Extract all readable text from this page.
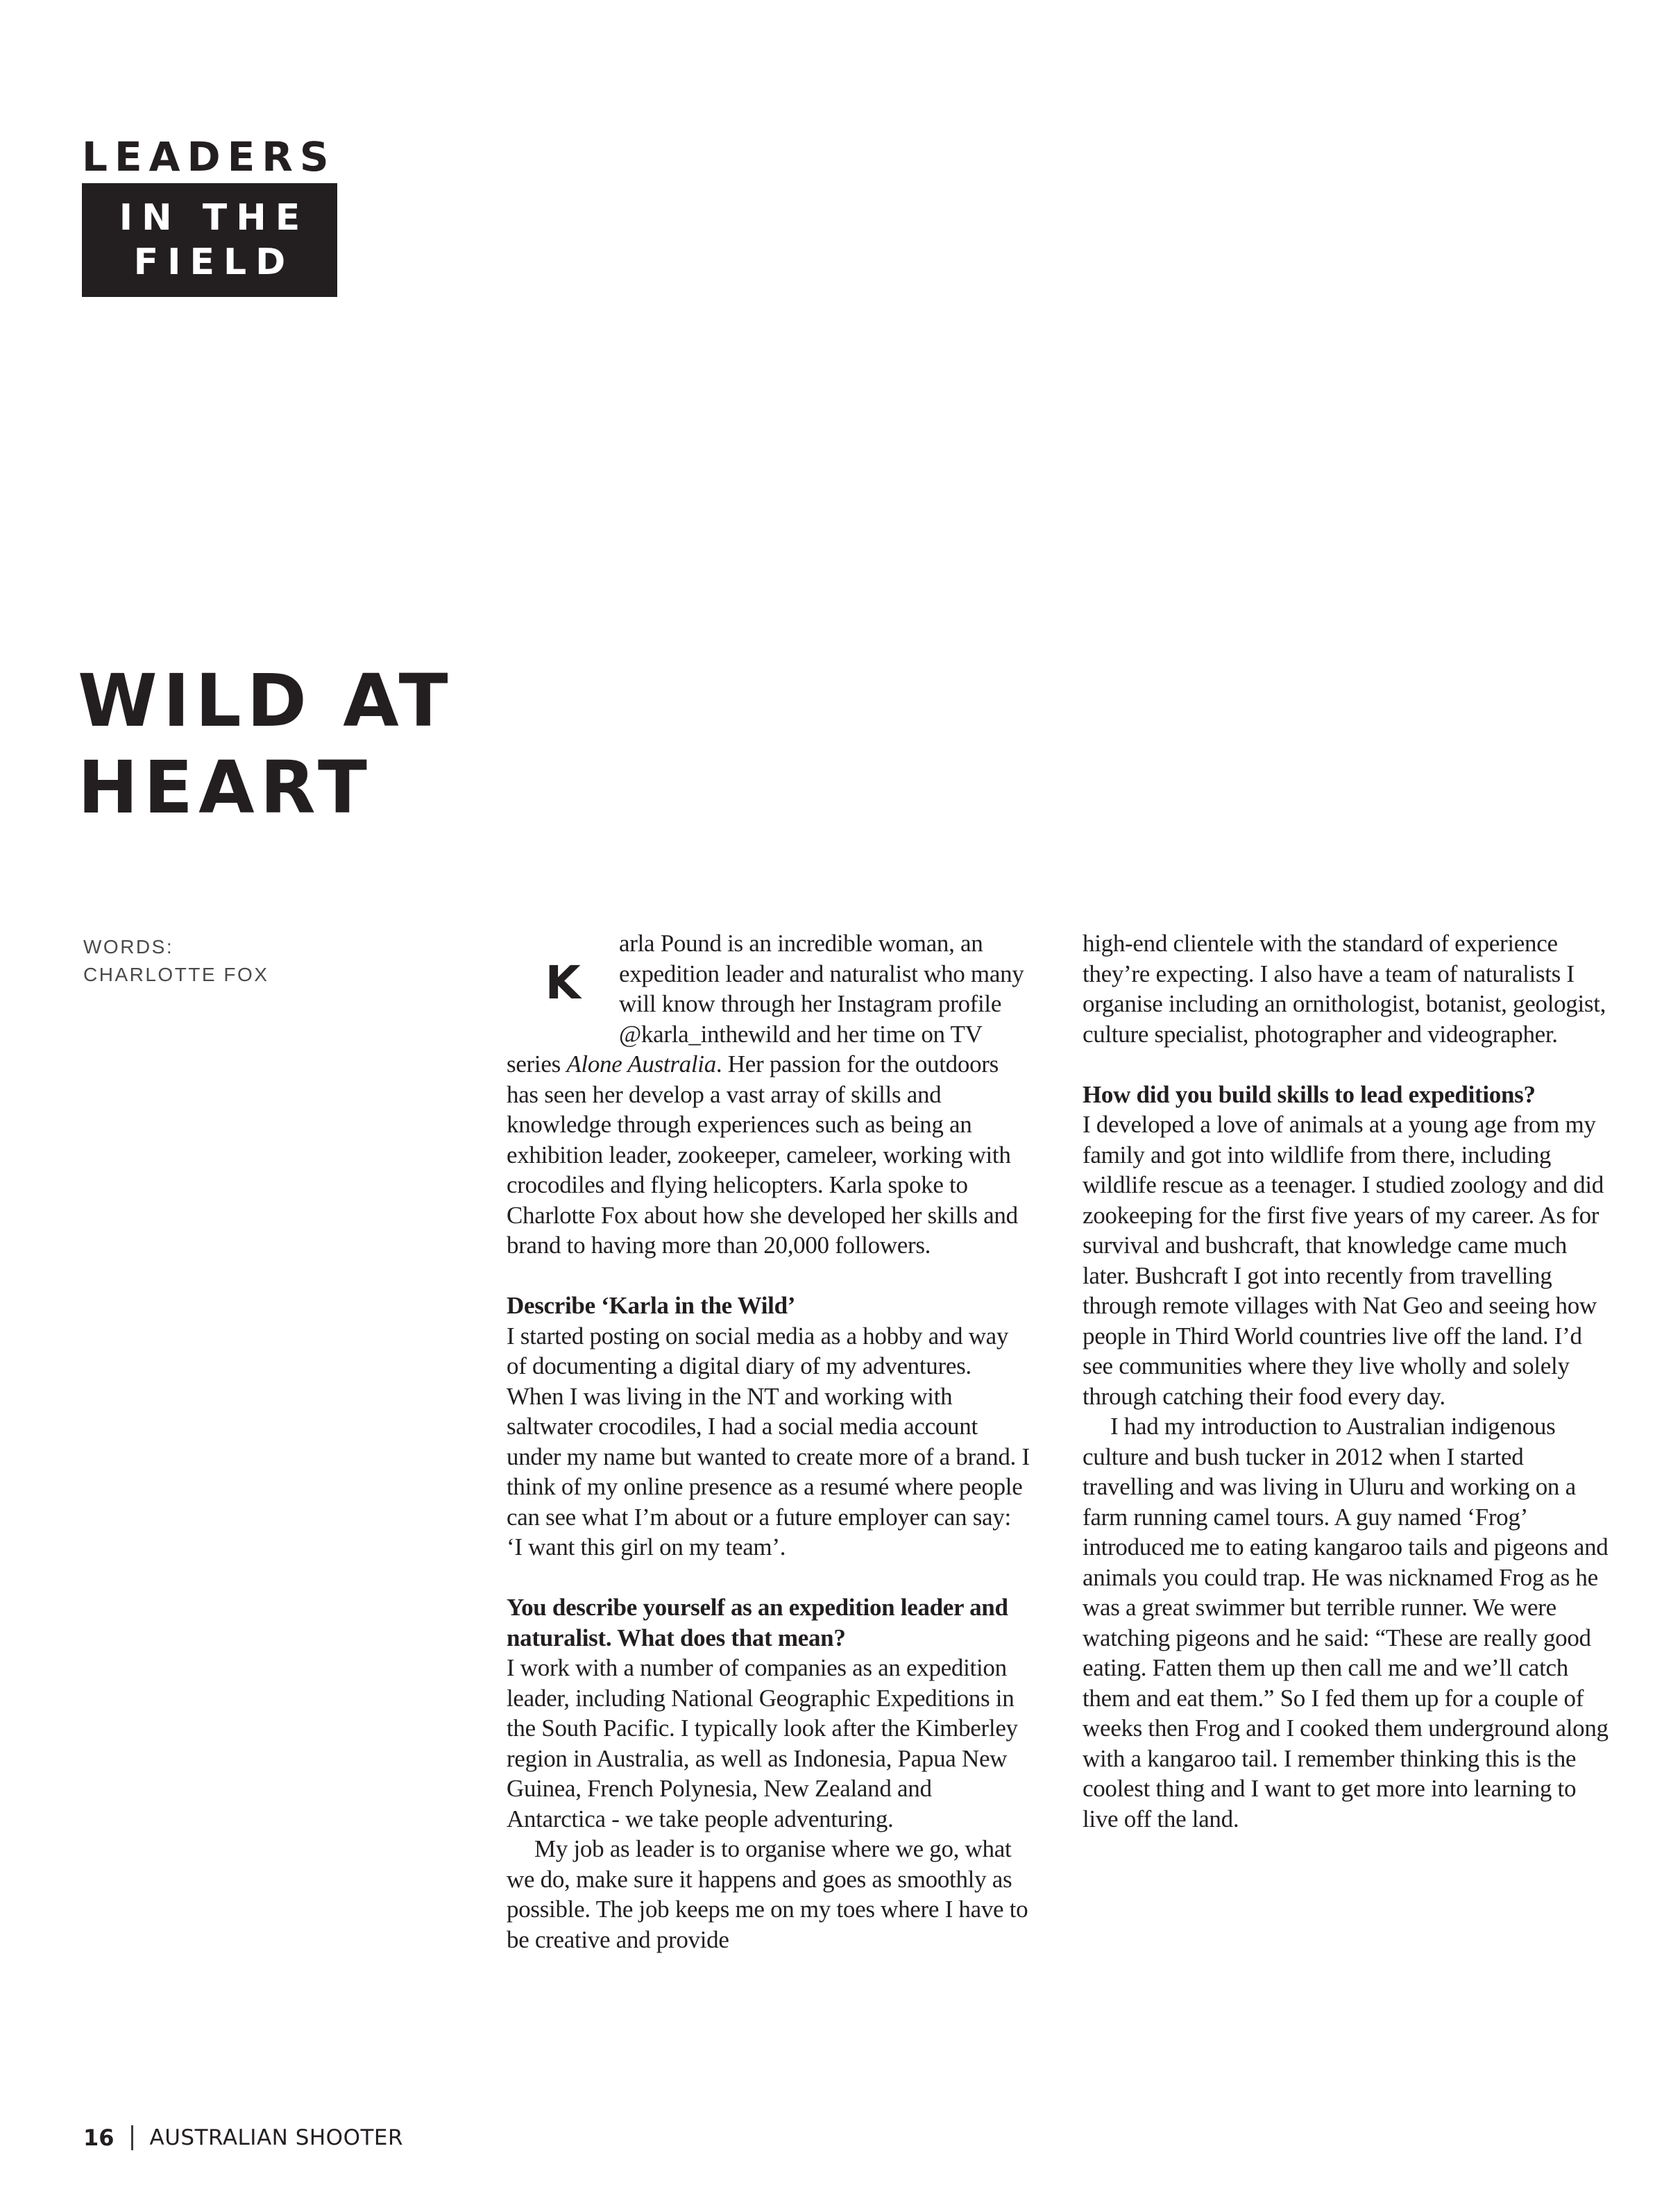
LEADERS
IN THE
FIELD
WILD AT
HEART
WORDS:
CHARLOTTE FOX	K
arla Pound is an incredible woman, an expedition leader and naturalist who many will know through her Instagram profile @karla_inthewild and her time on TV series Alone Australia. Her passion for the outdoors has seen her develop a vast array of skills and knowledge through experiences such as being an exhibition leader, zookeeper, cameleer, working with crocodiles and flying helicopters. Karla spoke to Charlotte Fox about how she developed her skills and brand to having more than 20,000 followers.

Describe ‘Karla in the Wild’

I started posting on social media as a hobby and way of documenting a digital diary of my adventures. When I was living in the NT and working with saltwater crocodiles, I had a social media account under my name but wanted to create more of a brand. I think of my online presence as a resumé where people can see what I’m about or a future employer can say: ‘I want this girl on my team’.

You describe yourself as an expedition leader and naturalist. What does that mean?

I work with a number of companies as an expedition leader, including National Geographic Expeditions in the South Pacific. I typically look after the Kimberley region in Australia, as well as Indonesia, Papua New Guinea, French Polynesia, New Zealand and Antarctica - we take people adventuring.

My job as leader is to organise where we go, what we do, make sure it happens and goes as smoothly as possible. The job keeps me on my toes where I have to be creative and provide

high-end clientele with the standard of experience they’re expecting. I also have a team of naturalists I organise including an ornithologist, botanist, geologist, culture specialist, photographer and videographer.

How did you build skills to lead expeditions?

I developed a love of animals at a young age from my family and got into wildlife from there, including wildlife rescue as a teenager. I studied zoology and did zookeeping for the first five years of my career. As for survival and bushcraft, that knowledge came much later. Bushcraft I got into recently from travelling through remote villages with Nat Geo and seeing how people in Third World countries live off the land. I’d see communities where they live wholly and solely through catching their food every day.

I had my introduction to Australian indigenous culture and bush tucker in 2012 when I started travelling and was living in Uluru and working on a farm running camel tours. A guy named ‘Frog’ introduced me to eating kangaroo tails and pigeons and animals you could trap. He was nicknamed Frog as he was a great swimmer but terrible runner. We were watching pigeons and he said: “These are really good eating. Fatten them up then call me and we’ll catch them and eat them.” So I fed them up for a couple of weeks then Frog and I cooked them underground along with a kangaroo tail. I remember thinking this is the coolest thing and I want to get more into learning to live off the land.

16 AUSTRALIAN SHOOTER
